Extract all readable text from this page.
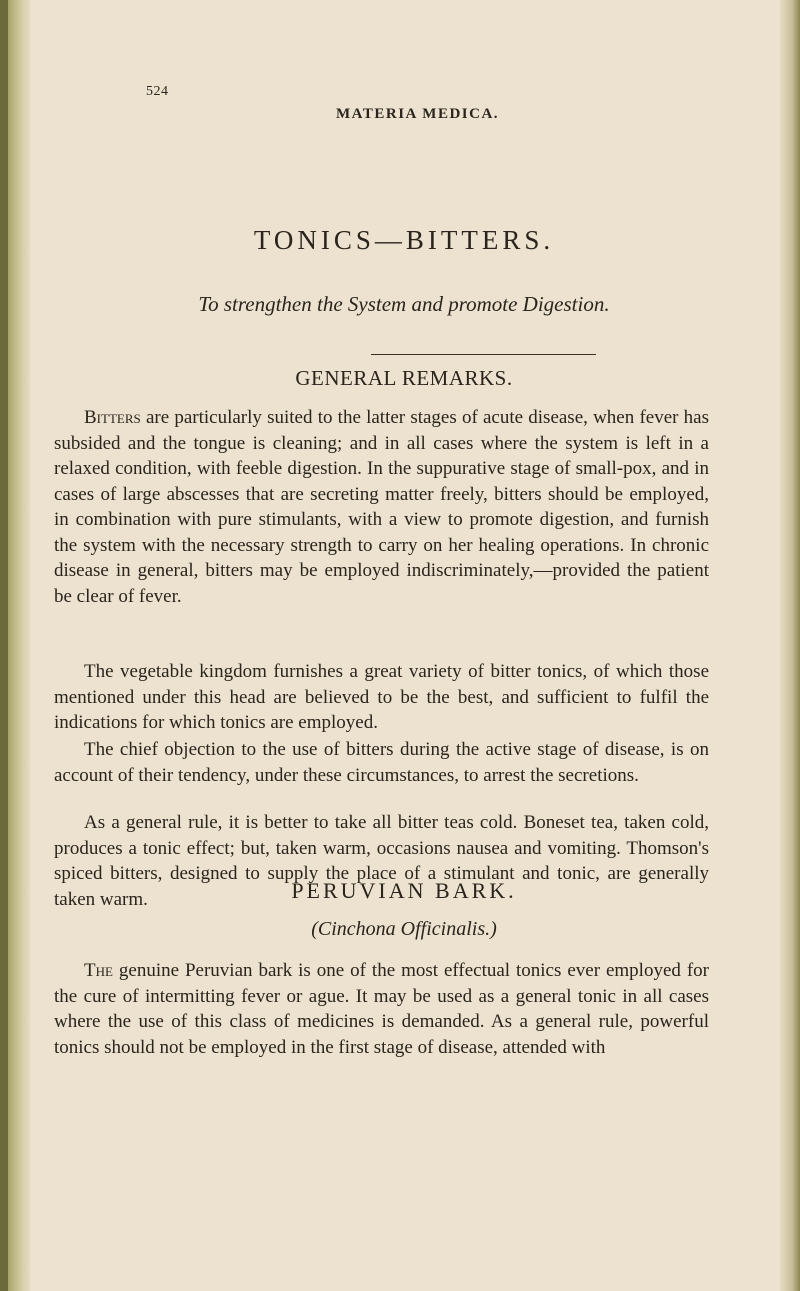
524
MATERIA MEDICA.
TONICS—BITTERS.
To strengthen the System and promote Digestion.
GENERAL REMARKS.

Bitters are particularly suited to the latter stages of acute disease, when fever has subsided and the tongue is cleaning; and in all cases where the system is left in a relaxed condition, with feeble digestion. In the suppurative stage of small-pox, and in cases of large abscesses that are secreting matter freely, bitters should be employed, in combination with pure stimulants, with a view to promote digestion, and furnish the system with the necessary strength to carry on her healing operations. In chronic disease in general, bitters may be employed indiscriminately,—provided the patient be clear of fever.

The vegetable kingdom furnishes a great variety of bitter tonics, of which those mentioned under this head are believed to be the best, and sufficient to fulfil the indications for which tonics are employed.

The chief objection to the use of bitters during the active stage of disease, is on account of their tendency, under these circumstances, to arrest the secretions.

As a general rule, it is better to take all bitter teas cold. Boneset tea, taken cold, produces a tonic effect; but, taken warm, occasions nausea and vomiting. Thomson's spiced bitters, designed to supply the place of a stimulant and tonic, are generally taken warm.	PERUVIAN BARK.
(Cinchona Officinalis.)

The genuine Peruvian bark is one of the most effectual tonics ever employed for the cure of intermitting fever or ague. It may be used as a general tonic in all cases where the use of this class of medicines is demanded. As a general rule, powerful tonics should not be employed in the first stage of disease, attended with
